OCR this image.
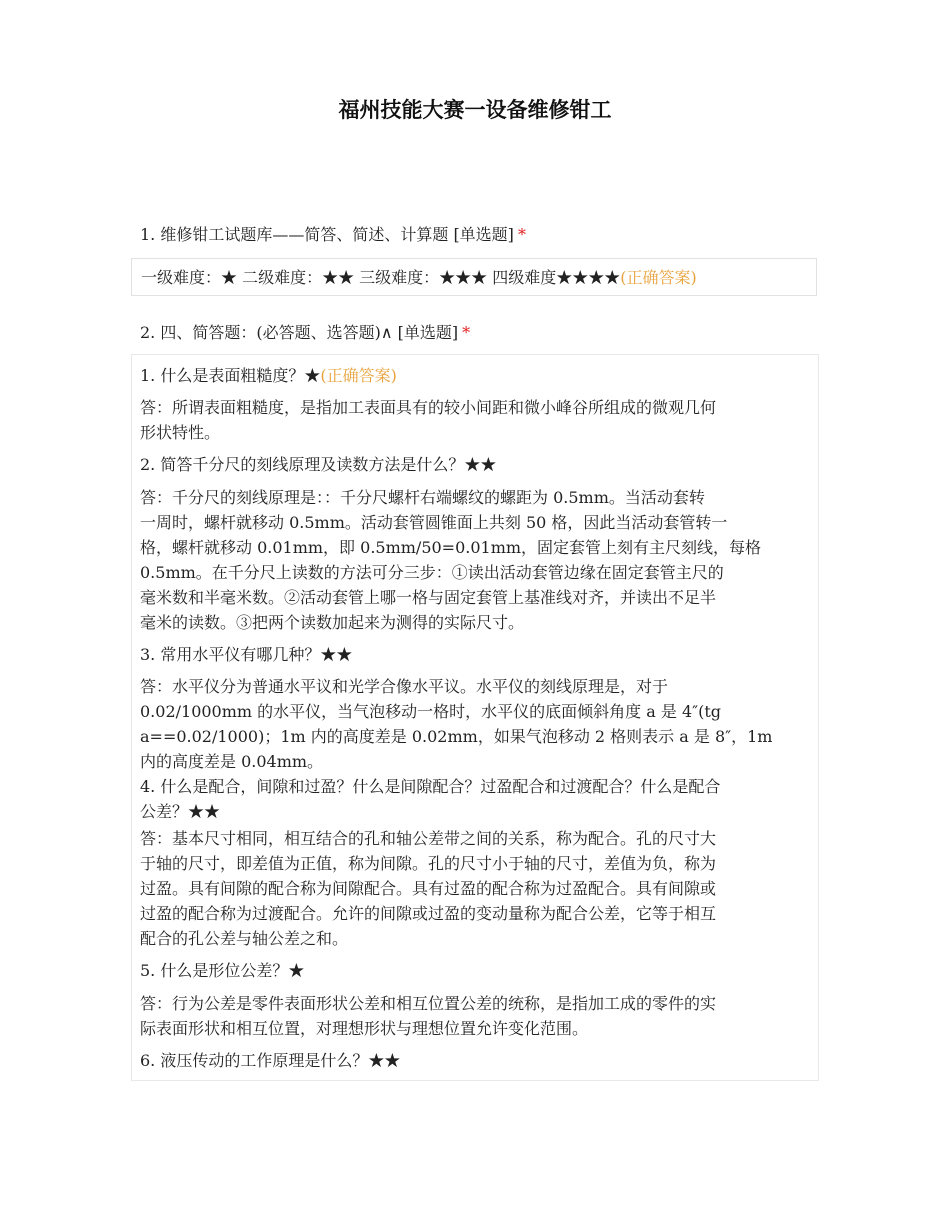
福州技能大赛一设备维修钳工
1. 维修钳工试题库——简答、简述、计算题 [单选题] *
一级难度：★ 二级难度：★★ 三级难度：★★★ 四级难度★★★★(正确答案)
2. 四、简答题：(必答题、选答题)∧ [单选题] *
1. 什么是表面粗糙度？★(正确答案)
答：所谓表面粗糙度，是指加工表面具有的较小间距和微小峰谷所组成的微观几何
形状特性。
2. 简答千分尺的刻线原理及读数方法是什么？★★
答：千分尺的刻线原理是：：千分尺螺杆右端螺纹的螺距为 0.5mm。当活动套转
一周时，螺杆就移动 0.5mm。活动套管圆锥面上共刻 50 格，因此当活动套管转一
格，螺杆就移动 0.01mm，即 0.5mm/50=0.01mm，固定套管上刻有主尺刻线，每格
0.5mm。在千分尺上读数的方法可分三步：①读出活动套管边缘在固定套管主尺的
毫米数和半毫米数。②活动套管上哪一格与固定套管上基准线对齐，并读出不足半
毫米的读数。③把两个读数加起来为测得的实际尺寸。
3. 常用水平仪有哪几种？★★
答：水平仪分为普通水平议和光学合像水平议。水平仪的刻线原理是，对于
0.02/1000mm 的水平仪，当气泡移动一格时，水平仪的底面倾斜角度 a 是 4″(tg
a==0.02/1000)；1m 内的高度差是 0.02mm，如果气泡移动 2 格则表示 a 是 8″，1m
内的高度差是 0.04mm。
4. 什么是配合，间隙和过盈？什么是间隙配合？过盈配合和过渡配合？什么是配合
公差？★★
答：基本尺寸相同，相互结合的孔和轴公差带之间的关系，称为配合。孔的尺寸大
于轴的尺寸，即差值为正值，称为间隙。孔的尺寸小于轴的尺寸，差值为负，称为
过盈。具有间隙的配合称为间隙配合。具有过盈的配合称为过盈配合。具有间隙或
过盈的配合称为过渡配合。允许的间隙或过盈的变动量称为配合公差，它等于相互
配合的孔公差与轴公差之和。
5. 什么是形位公差？★
答：行为公差是零件表面形状公差和相互位置公差的统称，是指加工成的零件的实
际表面形状和相互位置，对理想形状与理想位置允许变化范围。
6. 液压传动的工作原理是什么？★★
